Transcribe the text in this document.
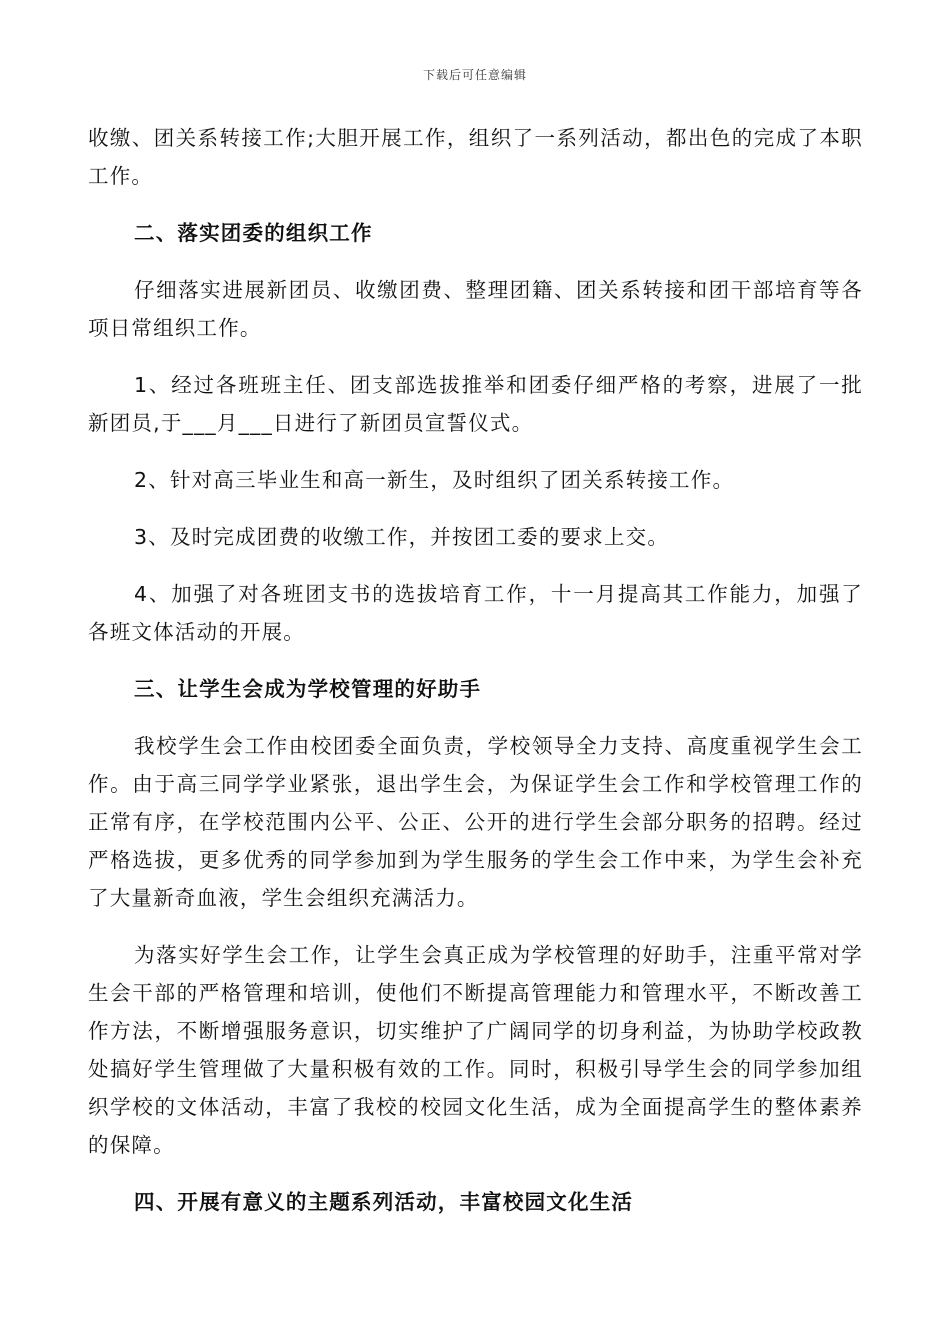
下载后可任意编辑

收缴、团关系转接工作;大胆开展工作，组织了一系列活动，都出色的完成了本职工作。

二、落实团委的组织工作

仔细落实进展新团员、收缴团费、整理团籍、团关系转接和团干部培育等各项日常组织工作。

1、经过各班班主任、团支部选拔推举和团委仔细严格的考察，进展了一批新团员,于___月___日进行了新团员宣誓仪式。

2、针对高三毕业生和高一新生，及时组织了团关系转接工作。

3、及时完成团费的收缴工作，并按团工委的要求上交。

4、加强了对各班团支书的选拔培育工作，十一月提高其工作能力，加强了各班文体活动的开展。

三、让学生会成为学校管理的好助手

我校学生会工作由校团委全面负责，学校领导全力支持、高度重视学生会工作。由于高三同学学业紧张，退出学生会，为保证学生会工作和学校管理工作的正常有序，在学校范围内公平、公正、公开的进行学生会部分职务的招聘。经过严格选拔，更多优秀的同学参加到为学生服务的学生会工作中来，为学生会补充了大量新奇血液，学生会组织充满活力。

为落实好学生会工作，让学生会真正成为学校管理的好助手，注重平常对学生会干部的严格管理和培训，使他们不断提高管理能力和管理水平，不断改善工作方法，不断增强服务意识，切实维护了广阔同学的切身利益，为协助学校政教处搞好学生管理做了大量积极有效的工作。同时，积极引导学生会的同学参加组织学校的文体活动，丰富了我校的校园文化生活，成为全面提高学生的整体素养的保障。

四、开展有意义的主题系列活动，丰富校园文化生活
